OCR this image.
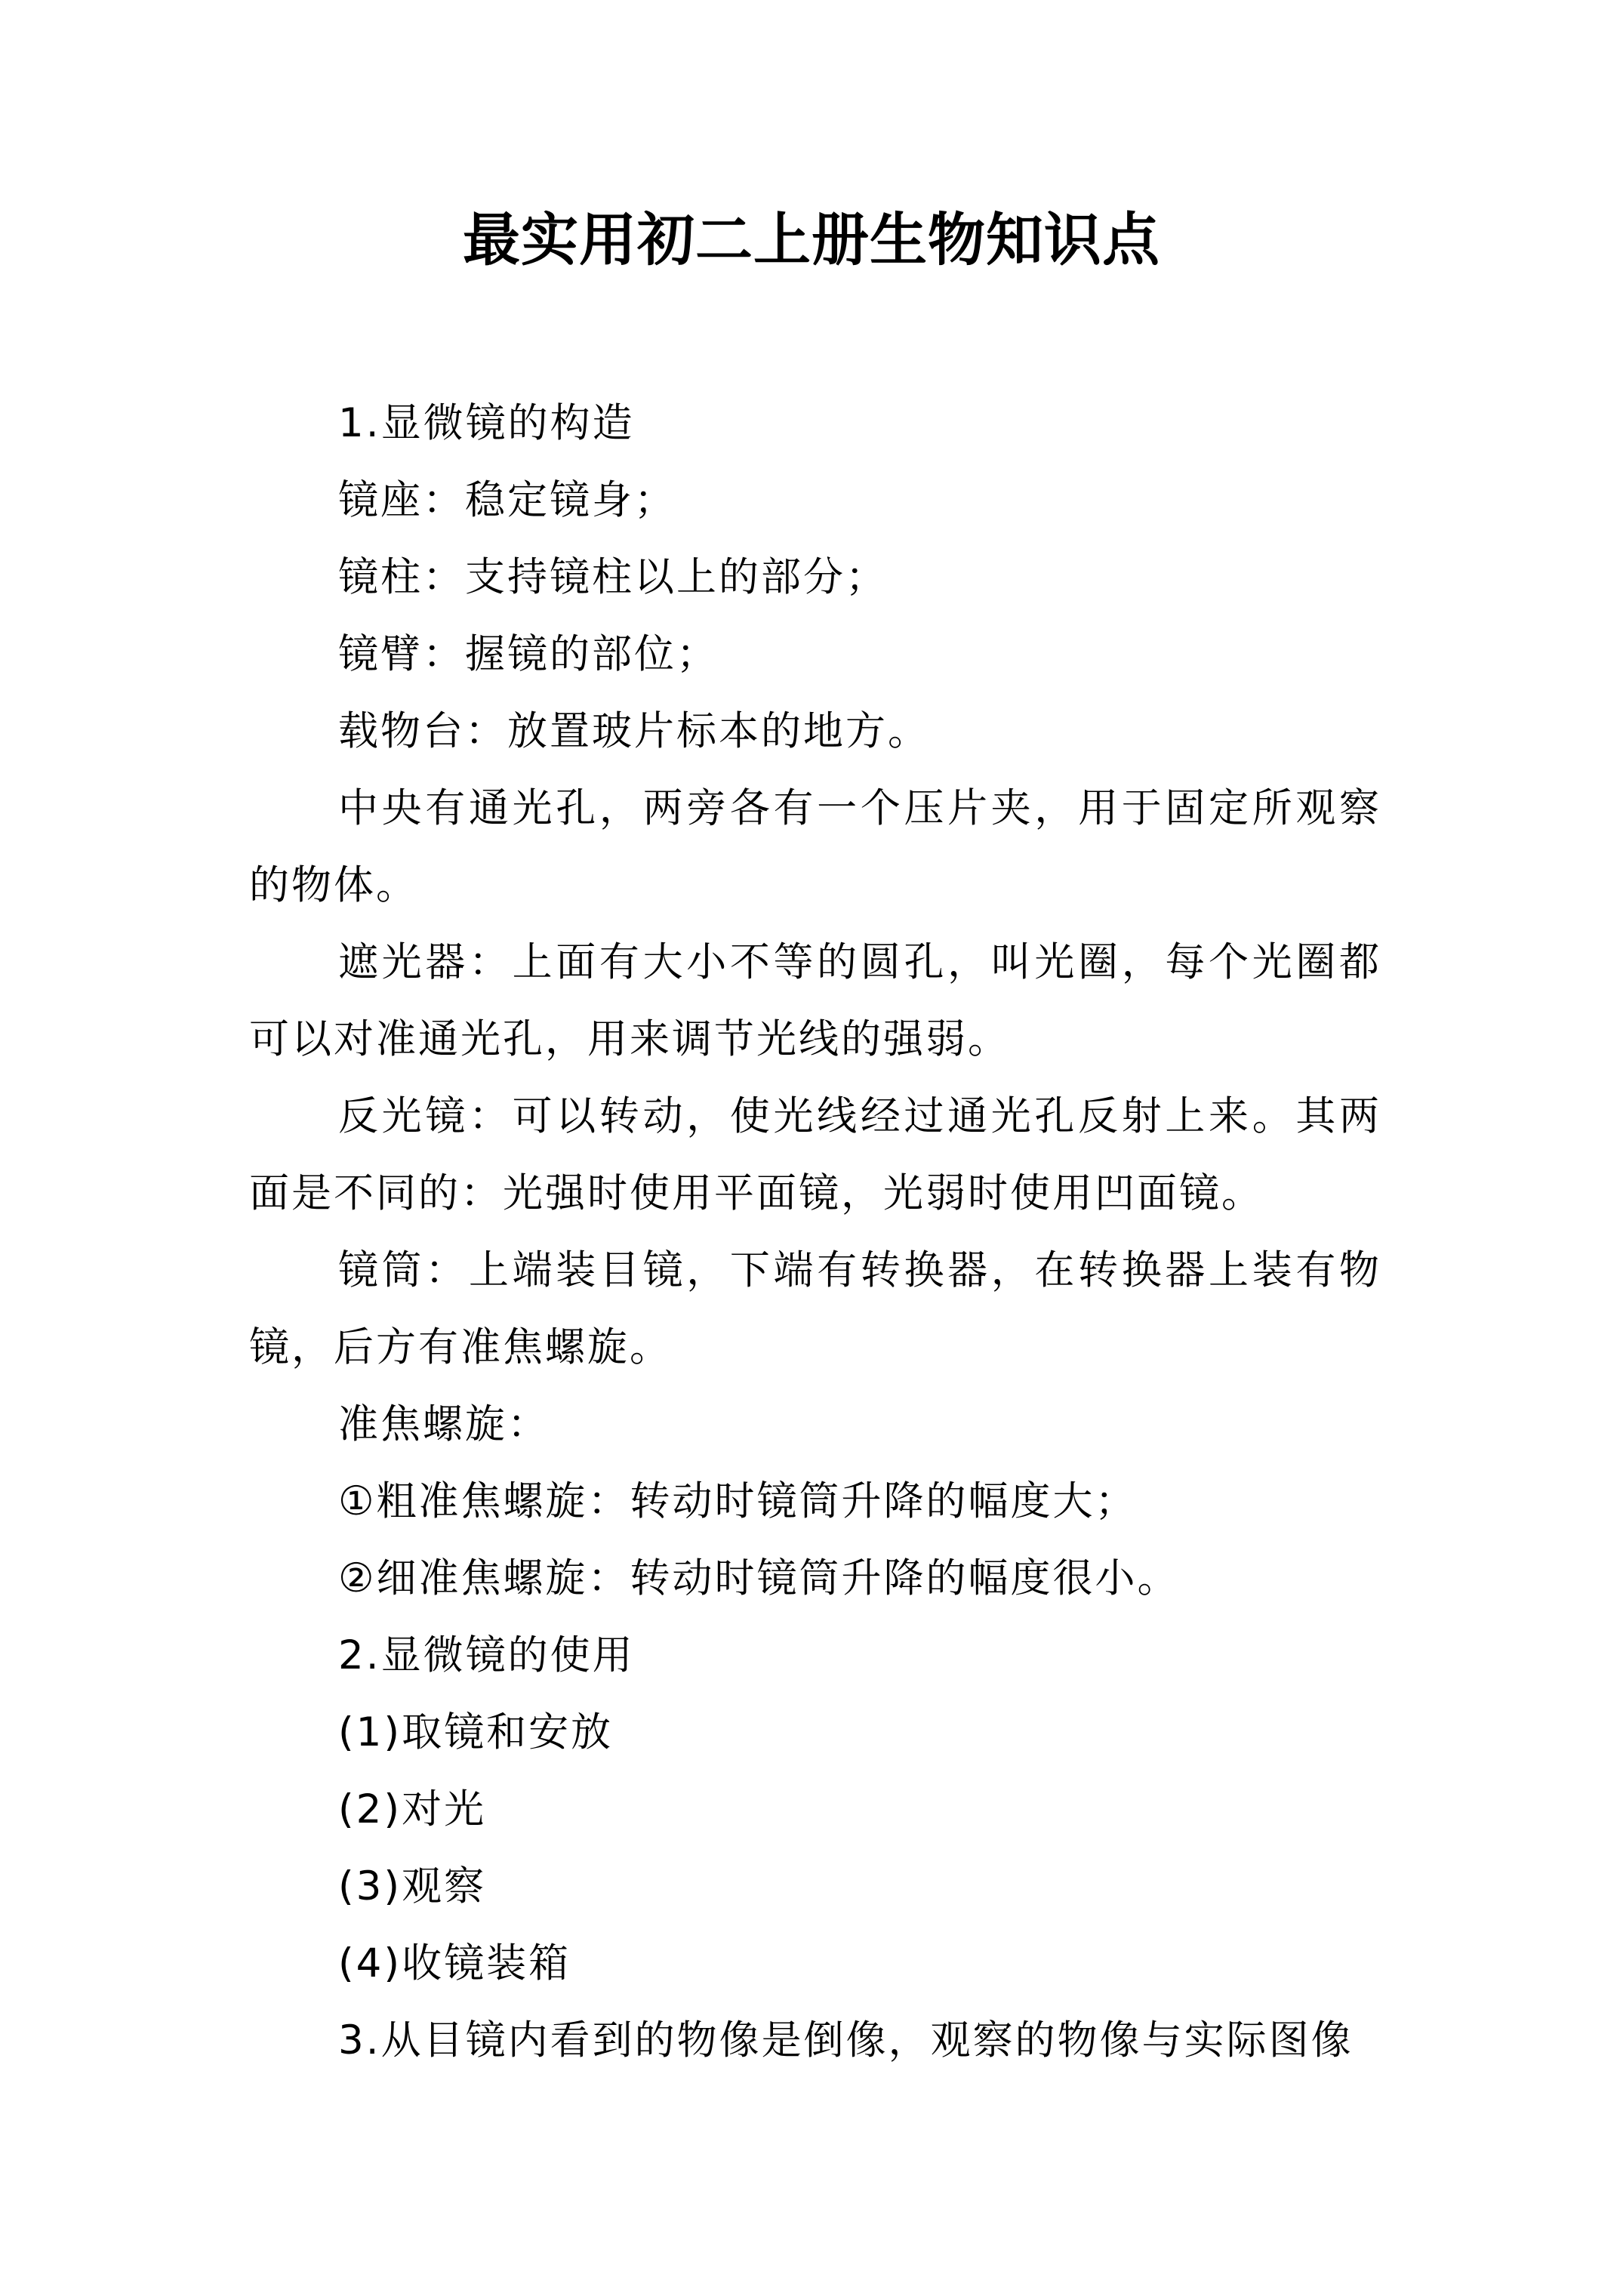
最实用初二上册生物知识点

1.显微镜的构造

镜座：稳定镜身；

镜柱：支持镜柱以上的部分；

镜臂：握镜的部位；

载物台：放置玻片标本的地方。

中央有通光孔，两旁各有一个压片夹，用于固定所观察的物体。

遮光器：上面有大小不等的圆孔，叫光圈，每个光圈都可以对准通光孔，用来调节光线的强弱。

反光镜：可以转动，使光线经过通光孔反射上来。其两面是不同的：光强时使用平面镜，光弱时使用凹面镜。

镜筒：上端装目镜，下端有转换器，在转换器上装有物镜，后方有准焦螺旋。

准焦螺旋：

①粗准焦螺旋：转动时镜筒升降的幅度大；

②细准焦螺旋：转动时镜筒升降的幅度很小。

2.显微镜的使用

(1)取镜和安放

(2)对光

(3)观察

(4)收镜装箱

3.从目镜内看到的物像是倒像，观察的物像与实际图像
